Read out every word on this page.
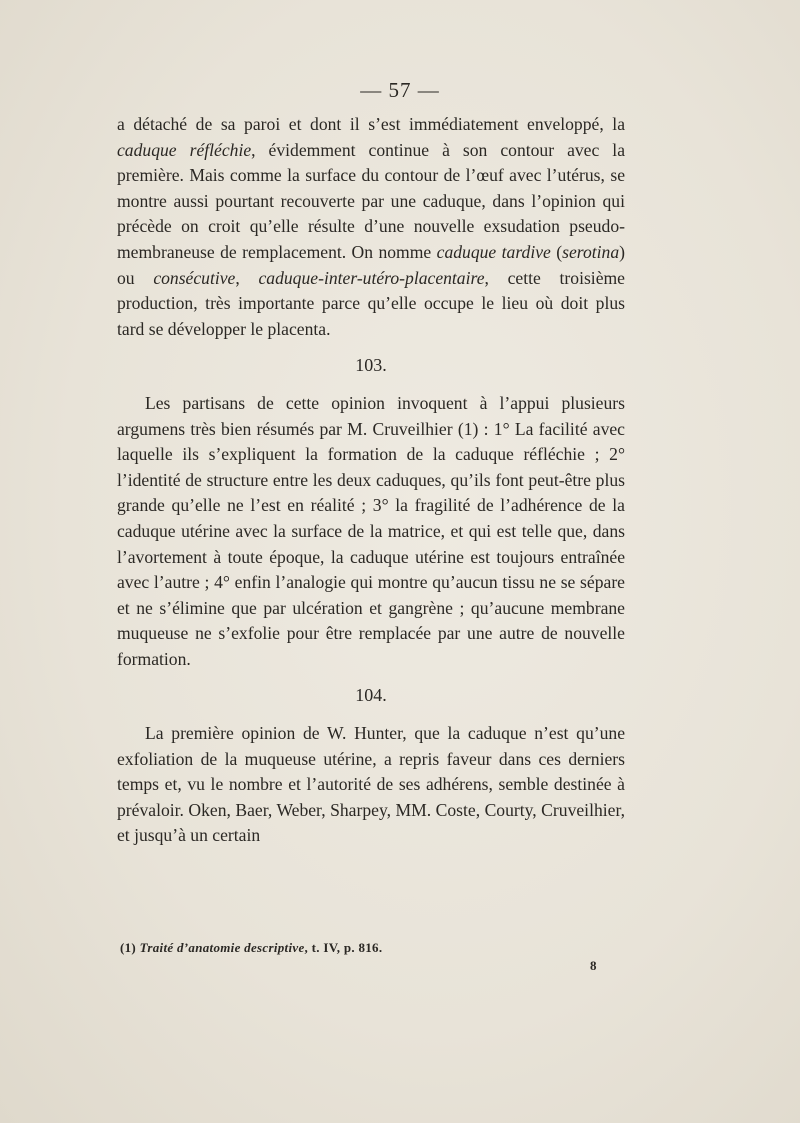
— 57 —

a détaché de sa paroi et dont il s’est immédiatement enveloppé, la caduque réfléchie, évidemment continue à son contour avec la première. Mais comme la surface du contour de l’œuf avec l’utérus, se montre aussi pourtant recouverte par une caduque, dans l’opinion qui précède on croit qu’elle résulte d’une nouvelle exsudation pseudo-membraneuse de remplacement. On nomme caduque tardive (serotina) ou consécutive, caduque-inter-utéro-placentaire, cette troisième production, très importante parce qu’elle occupe le lieu où doit plus tard se développer le placenta.

103.

Les partisans de cette opinion invoquent à l’appui plusieurs argumens très bien résumés par M. Cruveilhier (1) : 1° La facilité avec laquelle ils s’expliquent la formation de la caduque réfléchie ; 2° l’identité de structure entre les deux caduques, qu’ils font peut-être plus grande qu’elle ne l’est en réalité ; 3° la fragilité de l’adhérence de la caduque utérine avec la surface de la matrice, et qui est telle que, dans l’avortement à toute époque, la caduque utérine est toujours entraînée avec l’autre ; 4° enfin l’analogie qui montre qu’aucun tissu ne se sépare et ne s’élimine que par ulcération et gangrène ; qu’aucune membrane muqueuse ne s’exfolie pour être remplacée par une autre de nouvelle formation.

104.

La première opinion de W. Hunter, que la caduque n’est qu’une exfoliation de la muqueuse utérine, a repris faveur dans ces derniers temps et, vu le nombre et l’autorité de ses adhérens, semble destinée à prévaloir. Oken, Baer, Weber, Sharpey, MM. Coste, Courty, Cruveilhier, et jusqu’à un certain

(1) Traité d’anatomie descriptive, t. IV, p. 816.
8
